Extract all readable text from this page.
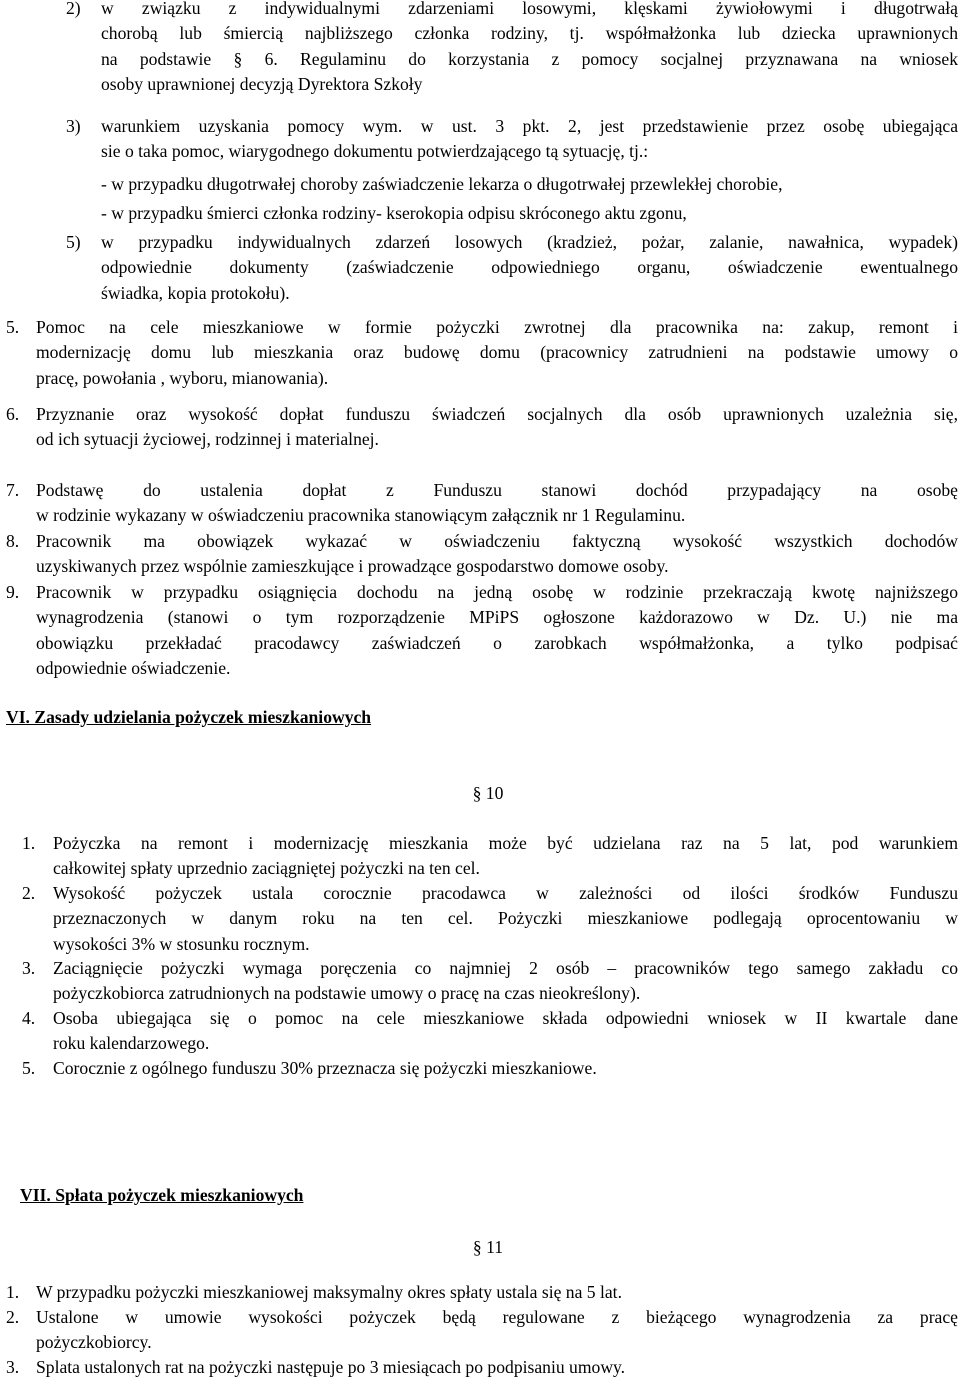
2) w związku z indywidualnymi zdarzeniami losowymi, klęskami żywiołowymi i długotrwałą
chorobą lub śmiercią najbliższego członka rodziny, tj. współmałżonka lub dziecka uprawnionych
na podstawie § 6. Regulaminu do korzystania z pomocy socjalnej przyznawana na wniosek
osoby uprawnionej decyzją Dyrektora Szkoły
3) warunkiem uzyskania pomocy wym. w ust. 3 pkt. 2, jest przedstawienie przez osobę ubiegająca
sie o taka pomoc, wiarygodnego dokumentu potwierdzającego tą sytuację, tj.:
- w przypadku długotrwałej choroby zaświadczenie lekarza o długotrwałej przewlekłej chorobie,
- w przypadku śmierci członka rodziny- kserokopia odpisu skróconego aktu zgonu,
5) w przypadku indywidualnych zdarzeń losowych (kradzież, pożar, zalanie, nawałnica, wypadek)
odpowiednie dokumenty (zaświadczenie odpowiedniego organu, oświadczenie ewentualnego
świadka, kopia protokołu).
5. Pomoc na cele mieszkaniowe w formie pożyczki zwrotnej dla pracownika na: zakup, remont i
modernizację domu lub mieszkania oraz budowę domu (pracownicy zatrudnieni na podstawie umowy o
pracę, powołania , wyboru, mianowania).
6. Przyznanie oraz wysokość dopłat funduszu świadczeń socjalnych dla osób uprawnionych uzależnia się,
od ich sytuacji życiowej, rodzinnej i materialnej.
7. Podstawę do ustalenia dopłat z Funduszu stanowi dochód przypadający na osobę
w rodzinie wykazany w oświadczeniu pracownika stanowiącym załącznik nr 1 Regulaminu.
8. Pracownik ma obowiązek wykazać w oświadczeniu faktyczną wysokość wszystkich dochodów
uzyskiwanych przez wspólnie zamieszkujące i prowadzące gospodarstwo domowe osoby.
9. Pracownik w przypadku osiągnięcia dochodu na jedną osobę w rodzinie przekraczają kwotę najniższego
wynagrodzenia (stanowi o tym rozporządzenie MPiPS ogłoszone każdorazowo w Dz. U.) nie ma
obowiązku przekładać pracodawcy zaświadczeń o zarobkach współmałżonka, a tylko podpisać
odpowiednie oświadczenie.
VI. Zasady udzielania pożyczek mieszkaniowych
§ 10
1. Pożyczka na remont i modernizację mieszkania może być udzielana raz na 5 lat, pod warunkiem
całkowitej spłaty uprzednio zaciągniętej pożyczki na ten cel.
2. Wysokość pożyczek ustala corocznie pracodawca w zależności od ilości środków Funduszu
przeznaczonych w danym roku na ten cel. Pożyczki mieszkaniowe podlegają oprocentowaniu w
wysokości 3% w stosunku rocznym.
3. Zaciągnięcie pożyczki wymaga poręczenia co najmniej 2 osób – pracowników tego samego zakładu co
pożyczkobiorca zatrudnionych na podstawie umowy o pracę na czas nieokreślony).
4. Osoba ubiegająca się o pomoc na cele mieszkaniowe składa odpowiedni wniosek w II kwartale dane
roku kalendarzowego.
5. Corocznie z ogólnego funduszu 30% przeznacza się pożyczki mieszkaniowe.
VII. Spłata pożyczek mieszkaniowych
§ 11
1. W przypadku pożyczki mieszkaniowej maksymalny okres spłaty ustala się na 5 lat.
2. Ustalone w umowie wysokości pożyczek będą regulowane z bieżącego wynagrodzenia za pracę
pożyczkobiorcy.
3. Splata ustalonych rat na pożyczki następuje po 3 miesiącach po podpisaniu umowy.
